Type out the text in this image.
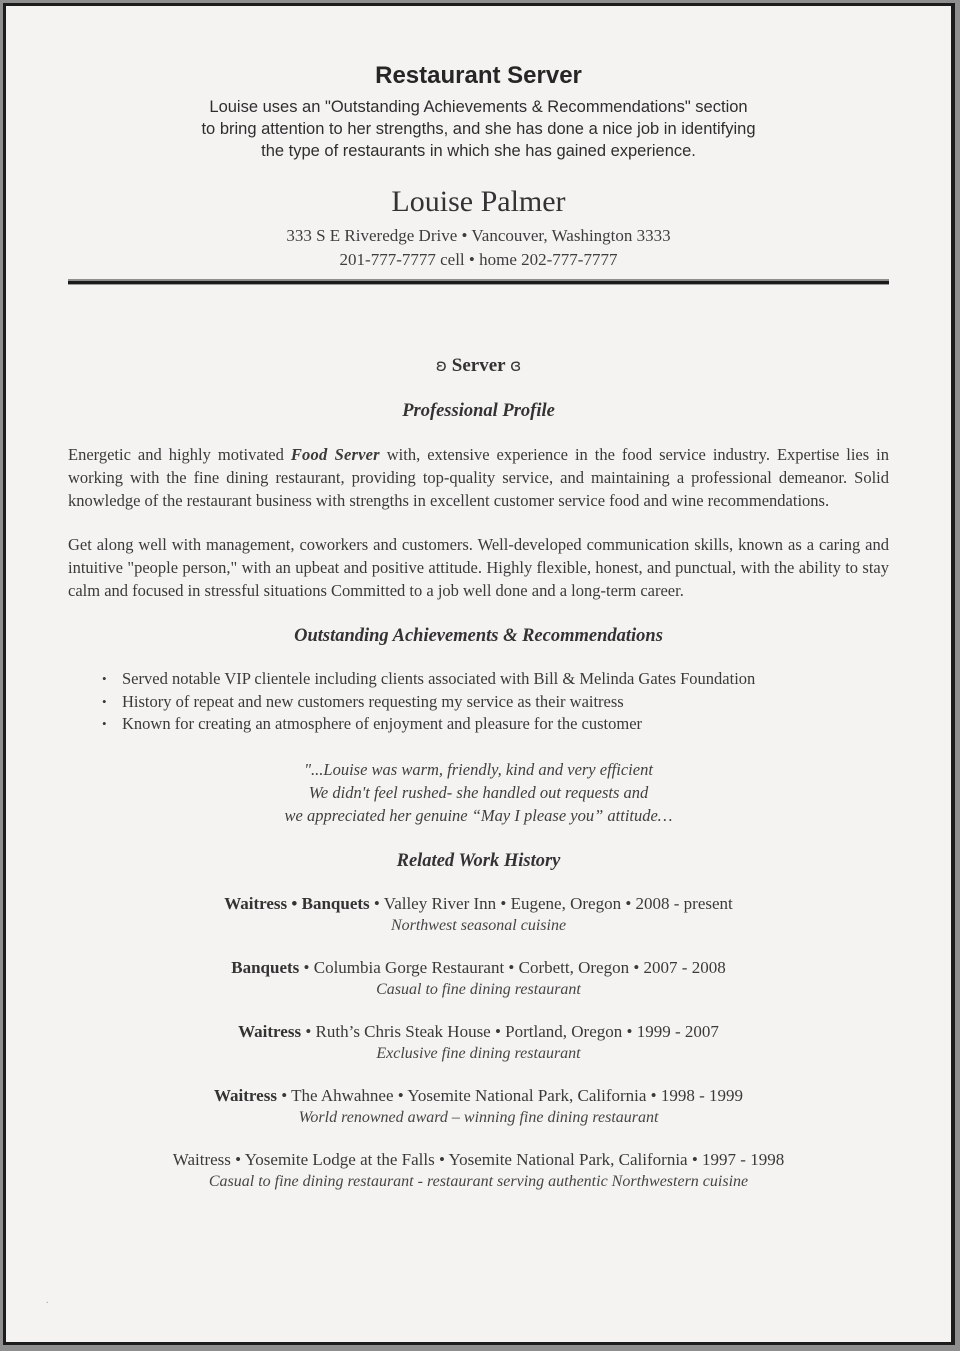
Restaurant Server
Louise uses an "Outstanding Achievements & Recommendations" section
to bring attention to her strengths, and she has done a nice job in identifying
the type of restaurants in which she has gained experience.
Louise Palmer
333 S E Riveredge Drive • Vancouver, Washington 3333
201-777-7777 cell • home 202-777-7777
ʚ Server ɞ
Professional Profile

Energetic and highly motivated Food Server with, extensive experience in the food service industry. Expertise lies in working with the fine dining restaurant, providing top-quality service, and maintaining a professional demeanor. Solid knowledge of the restaurant business with strengths in excellent customer service food and wine recommendations.

Get along well with management, coworkers and customers. Well-developed communication skills, known as a caring and intuitive "people person," with an upbeat and positive attitude. Highly flexible, honest, and punctual, with the ability to stay calm and focused in stressful situations Committed to a job well done and a long-term career.

Outstanding Achievements & Recommendations
• Served notable VIP clientele including clients associated with Bill & Melinda Gates Foundation
• History of repeat and new customers requesting my service as their waitress
• Known for creating an atmosphere of enjoyment and pleasure for the customer
"...Louise was warm, friendly, kind and very efficient
We didn't feel rushed- she handled out requests and
we appreciated her genuine “May I please you” attitude…
Related Work History
Waitress • Banquets • Valley River Inn • Eugene, Oregon • 2008 - present
Northwest seasonal cuisine
Banquets • Columbia Gorge Restaurant • Corbett, Oregon • 2007 - 2008
Casual to fine dining restaurant
Waitress • Ruth’s Chris Steak House • Portland, Oregon • 1999 - 2007
Exclusive fine dining restaurant
Waitress • The Ahwahnee • Yosemite National Park, California • 1998 - 1999
World renowned award – winning fine dining restaurant
Waitress • Yosemite Lodge at the Falls • Yosemite National Park, California • 1997 - 1998
Casual to fine dining restaurant - restaurant serving authentic Northwestern cuisine
.
